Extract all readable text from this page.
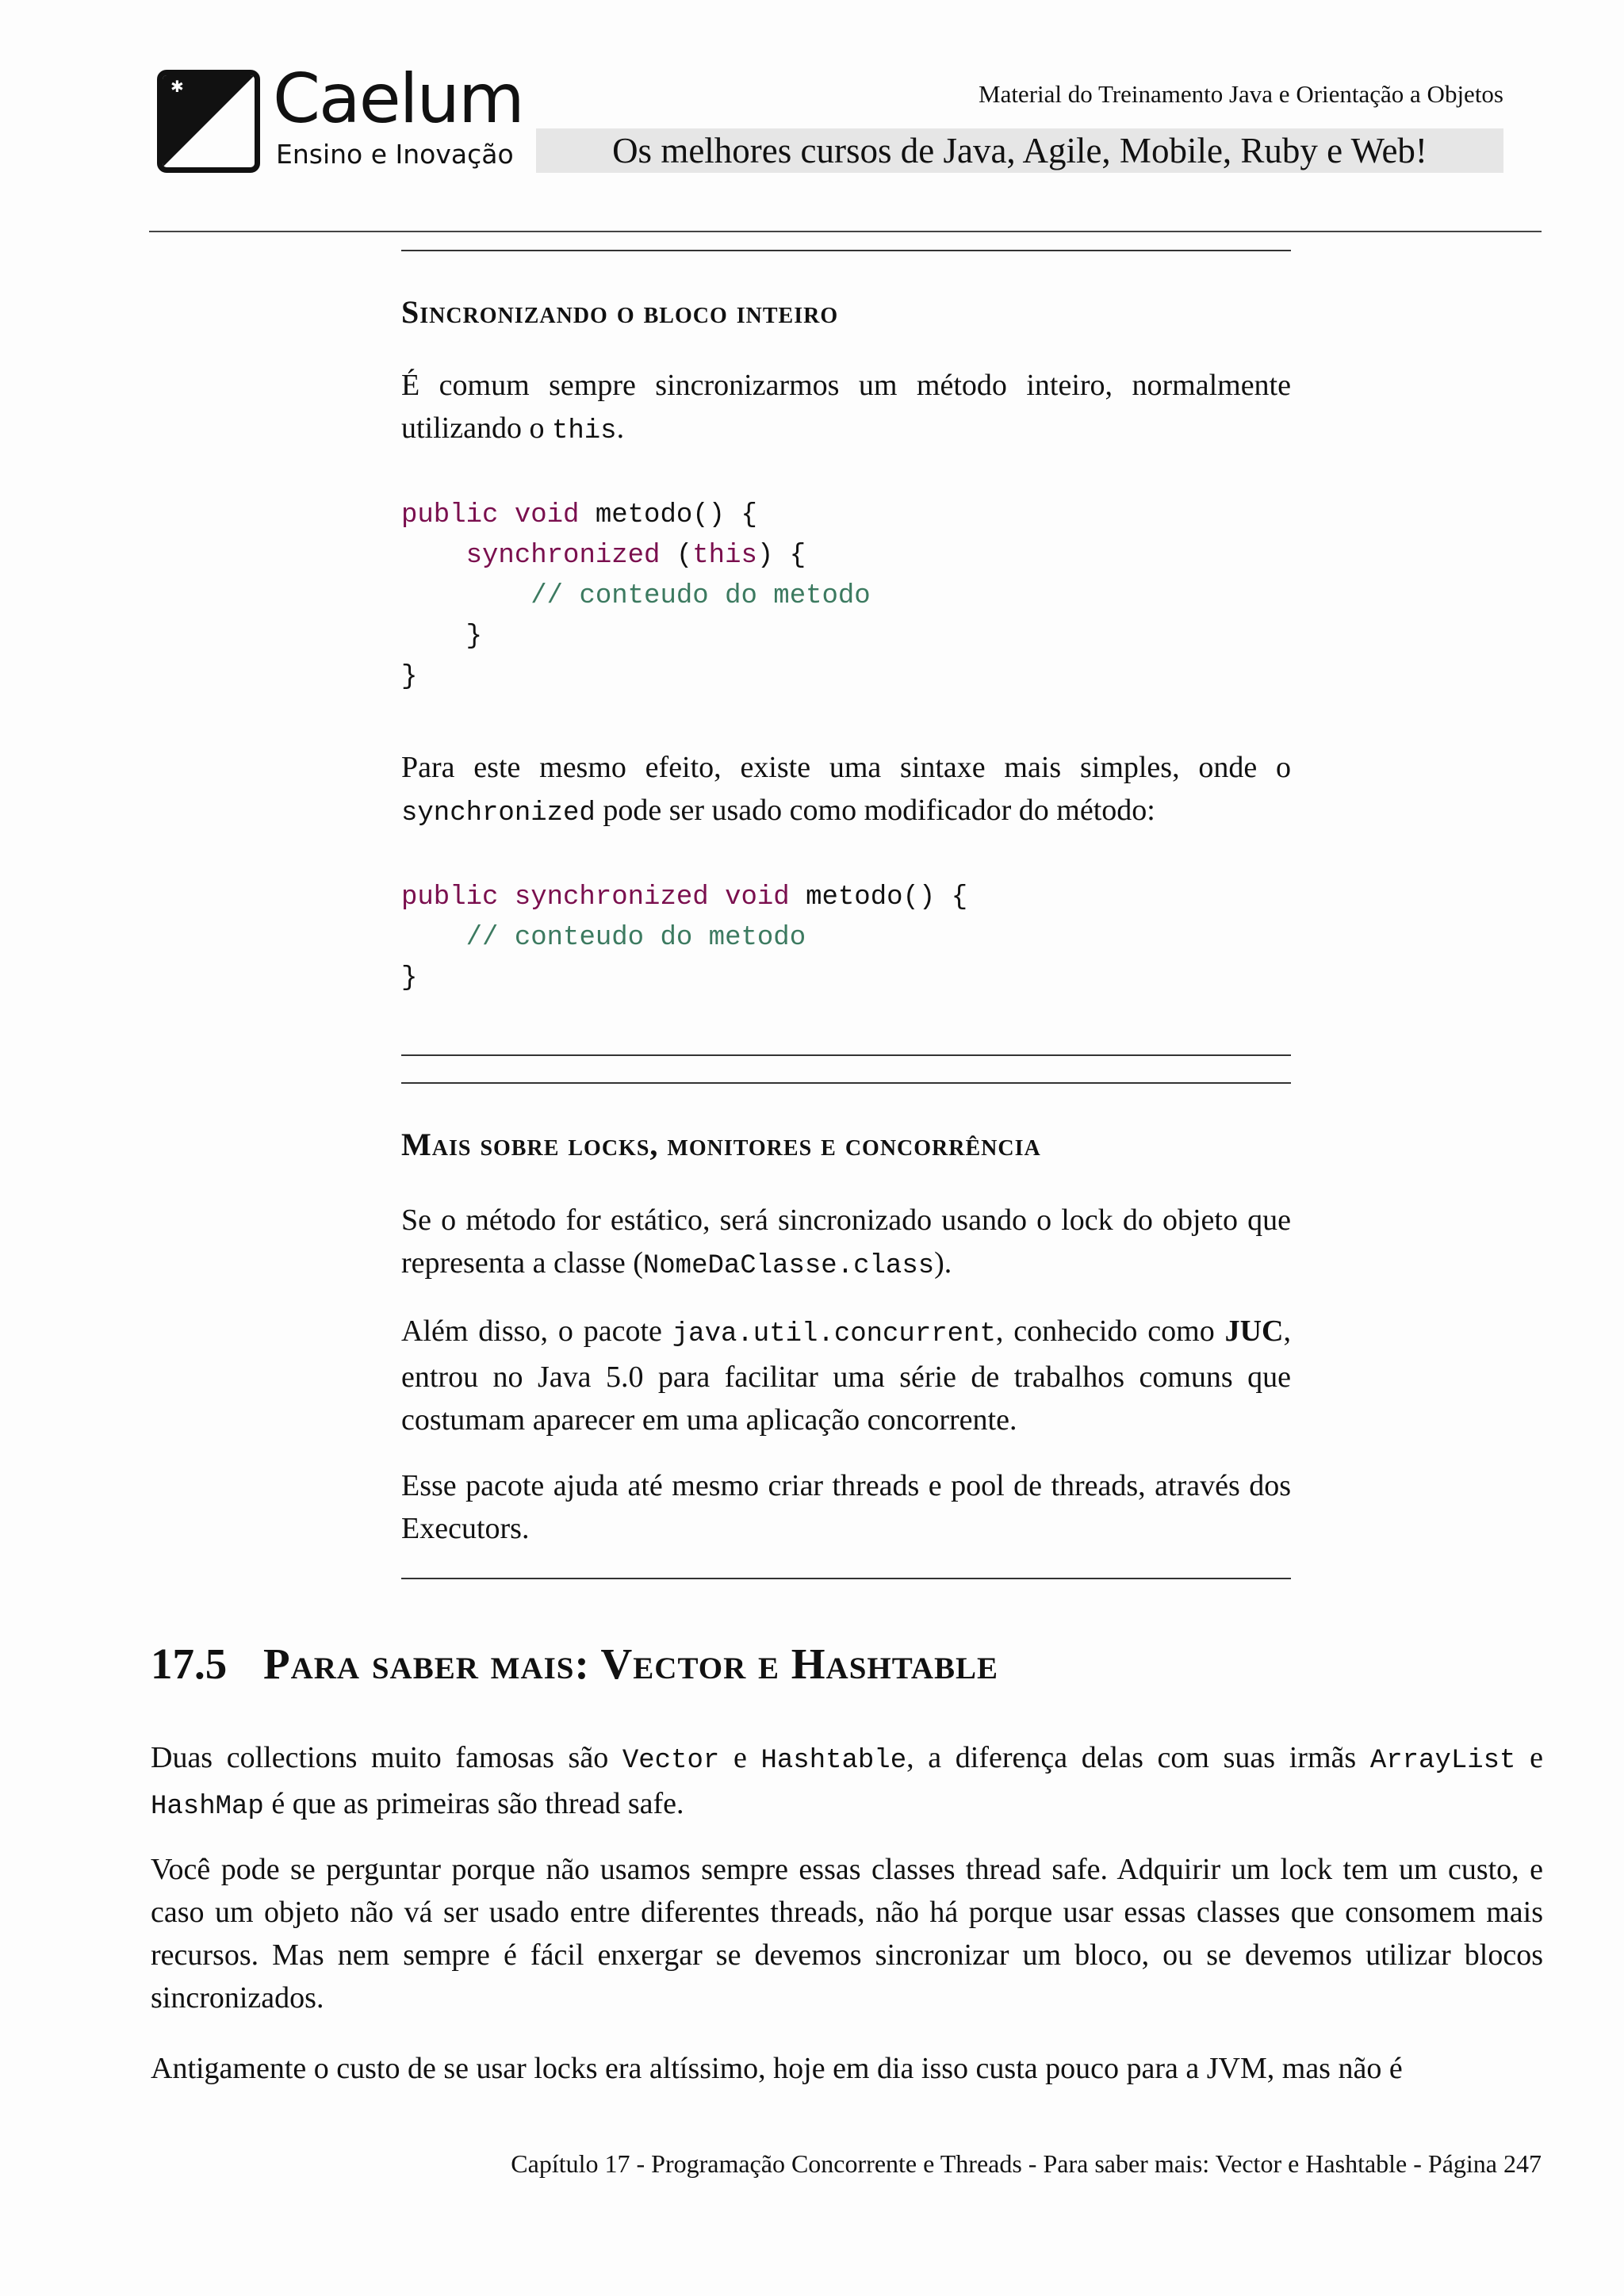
✱ Caelum
Ensino e Inovação
Material do Treinamento Java e Orientação a Objetos
Os melhores cursos de Java, Agile, Mobile, Ruby e Web!
Sincronizando o bloco inteiro

É comum sempre sincronizarmos um método inteiro, normalmente utilizando o this.

public void metodo() {
synchronized (this) {
// conteudo do metodo
}
}

Para este mesmo efeito, existe uma sintaxe mais simples, onde o synchronized pode ser usado como modificador do método:

public synchronized void metodo() {
// conteudo do metodo
}
Mais sobre locks, monitores e concorrência

Se o método for estático, será sincronizado usando o lock do objeto que representa a classe (NomeDaClasse.class).

Além disso, o pacote java.util.concurrent, conhecido como JUC, entrou no Java 5.0 para facilitar uma série de trabalhos comuns que costumam aparecer em uma aplicação concorrente.

Esse pacote ajuda até mesmo criar threads e pool de threads, através dos Executors.

17.5 Para saber mais: Vector e Hashtable

Duas collections muito famosas são Vector e Hashtable, a diferença delas com suas irmãs ArrayList e HashMap é que as primeiras são thread safe.

Você pode se perguntar porque não usamos sempre essas classes thread safe. Adquirir um lock tem um custo, e caso um objeto não vá ser usado entre diferentes threads, não há porque usar essas classes que consomem mais recursos. Mas nem sempre é fácil enxergar se devemos sincronizar um bloco, ou se devemos utilizar blocos sincronizados.

Antigamente o custo de se usar locks era altíssimo, hoje em dia isso custa pouco para a JVM, mas não é

Capítulo 17 - Programação Concorrente e Threads - Para saber mais: Vector e Hashtable - Página 247
